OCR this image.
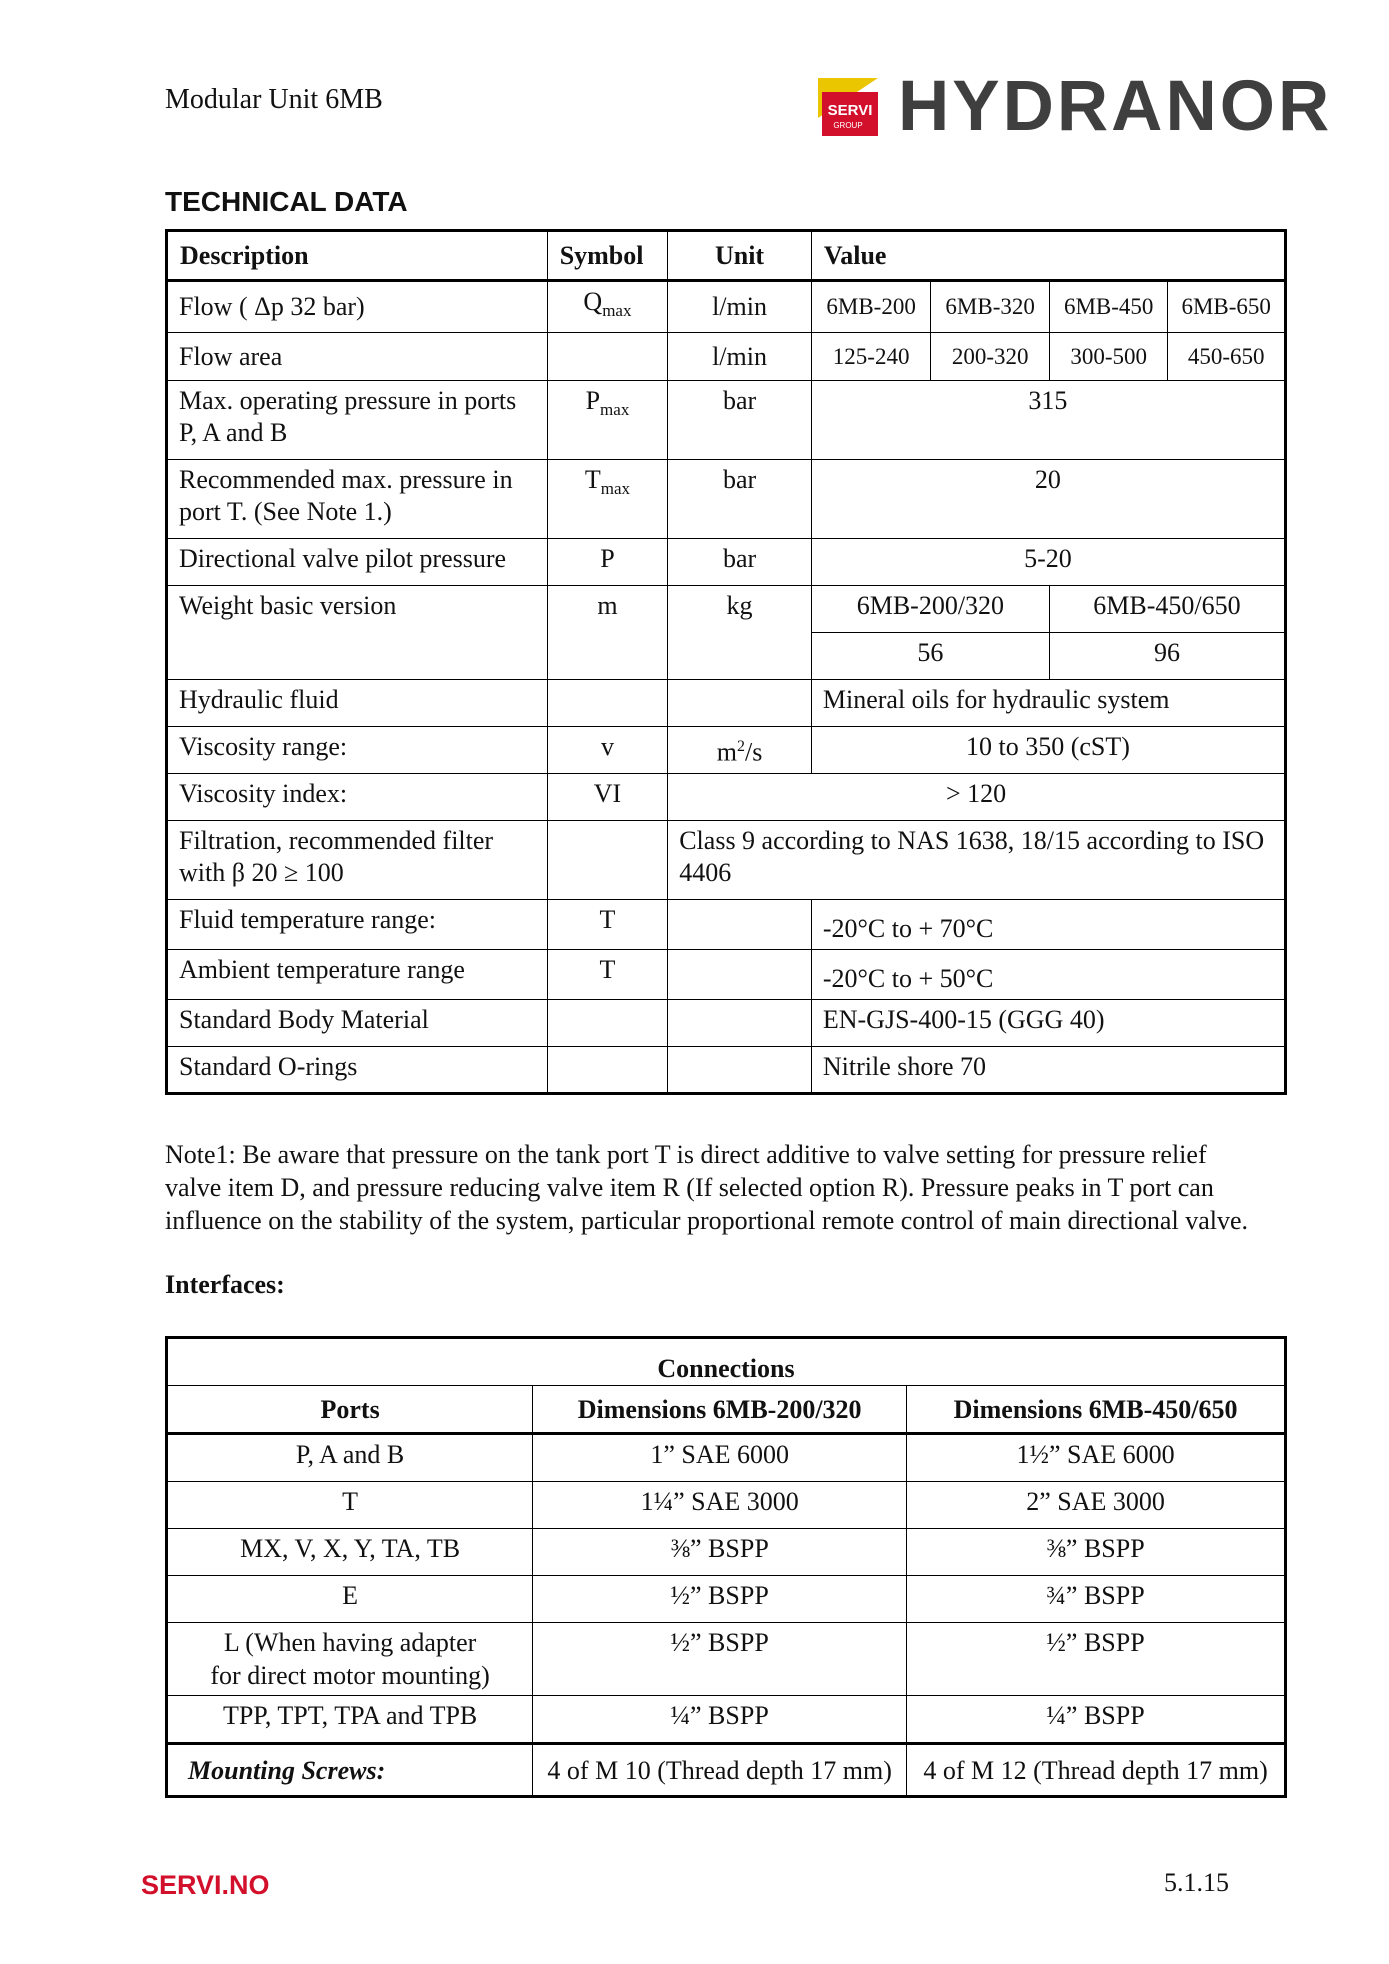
Modular Unit 6MB	SERVI
GROUP HYDRANOR
TECHNICAL DATA
Description	Symbol	Unit	Value			
Flow ( Δp 32 bar)	$Q_{max}$	l/min	6MB-200	6MB-320	6MB-450	6MB-650
Flow area		l/min	125-240	200-320	300-500	450-650
Max. operating pressure in ports P, A and B	$P_{max}$	bar	315			
Recommended max. pressure in port T. (See Note 1.)	$T_{max}$	bar	20			
Directional valve pilot pressure	P	bar	5-20			
Weight basic version	m	kg	6MB-200/320		6MB-450/650	
			56		96	
Hydraulic fluid			Mineral oils for hydraulic system			
Viscosity range:	v	$m^2/s$	10 to 350 (cST)			
Viscosity index:	VI	> 120				
Filtration, recommended filter with β 20 ≥ 100		Class 9 according to NAS 1638, 18/15 according to ISO 4406				
Fluid temperature range:	T		-20°C to + 70°C			
Ambient temperature range	T		-20°C to + 50°C			
Standard Body Material			EN-GJS-400-15 (GGG 40)			
Standard O-rings			Nitrile shore 70			
Note1: Be aware that pressure on the tank port T is direct additive to valve setting for pressure relief valve item D, and pressure reducing valve item R (If selected option R). Pressure peaks in T port can influence on the stability of the system, particular proportional remote control of main directional valve.
Interfaces:
Connections		
Ports	Dimensions 6MB-200/320	Dimensions 6MB-450/650
P, A and B	1” SAE 6000	1½” SAE 6000
T	1¼” SAE 3000	2” SAE 3000
MX, V, X, Y, TA, TB	⅜” BSPP	⅜” BSPP
E	½” BSPP	¾” BSPP
L (When having adapter for direct motor mounting)	½” BSPP	½” BSPP
TPP, TPT, TPA and TPB	¼” BSPP	¼” BSPP
Mounting Screws:	4 of M 10 (Thread depth 17 mm)	4 of M 12 (Thread depth 17 mm)
SERVI.NO	5.1.15
